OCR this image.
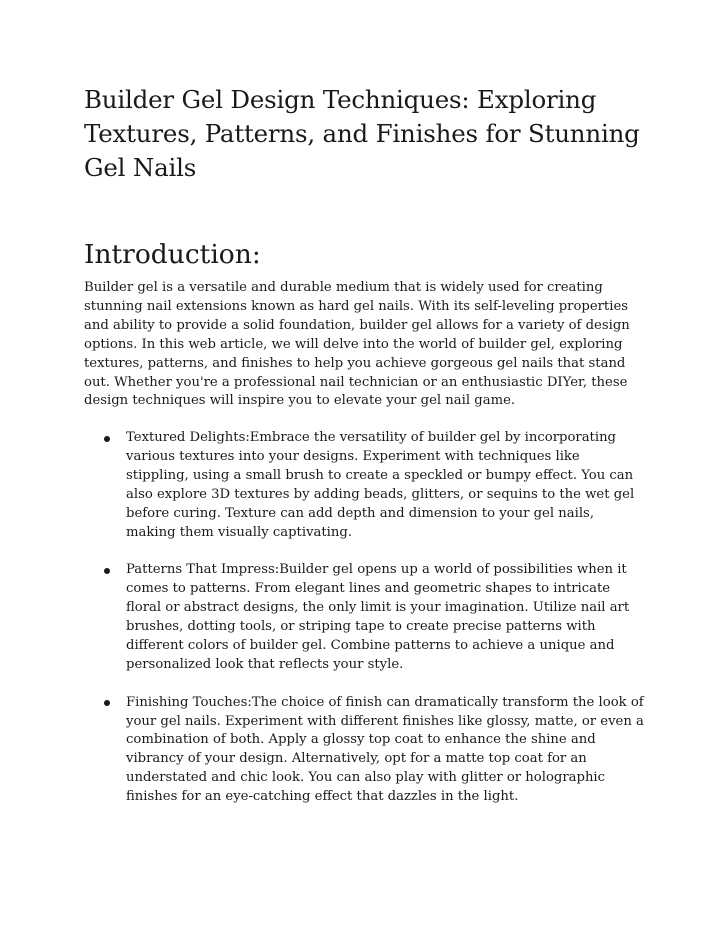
Builder Gel Design Techniques: Exploring Textures, Patterns, and Finishes for Stunning Gel Nails
Introduction:

Builder gel is a versatile and durable medium that is widely used for creating stunning nail extensions known as hard gel nails. With its self-leveling properties and ability to provide a solid foundation, builder gel allows for a variety of design options. In this web article, we will delve into the world of builder gel, exploring textures, patterns, and finishes to help you achieve gorgeous gel nails that stand out. Whether you're a professional nail technician or an enthusiastic DIYer, these design techniques will inspire you to elevate your gel nail game.

Textured Delights:Embrace the versatility of builder gel by incorporating various textures into your designs. Experiment with techniques like stippling, using a small brush to create a speckled or bumpy effect. You can also explore 3D textures by adding beads, glitters, or sequins to the wet gel before curing. Texture can add depth and dimension to your gel nails, making them visually captivating.
Patterns That Impress:Builder gel opens up a world of possibilities when it comes to patterns. From elegant lines and geometric shapes to intricate floral or abstract designs, the only limit is your imagination. Utilize nail art brushes, dotting tools, or striping tape to create precise patterns with different colors of builder gel. Combine patterns to achieve a unique and personalized look that reflects your style.
Finishing Touches:The choice of finish can dramatically transform the look of your gel nails. Experiment with different finishes like glossy, matte, or even a combination of both. Apply a glossy top coat to enhance the shine and vibrancy of your design. Alternatively, opt for a matte top coat for an understated and chic look. You can also play with glitter or holographic finishes for an eye-catching effect that dazzles in the light.
